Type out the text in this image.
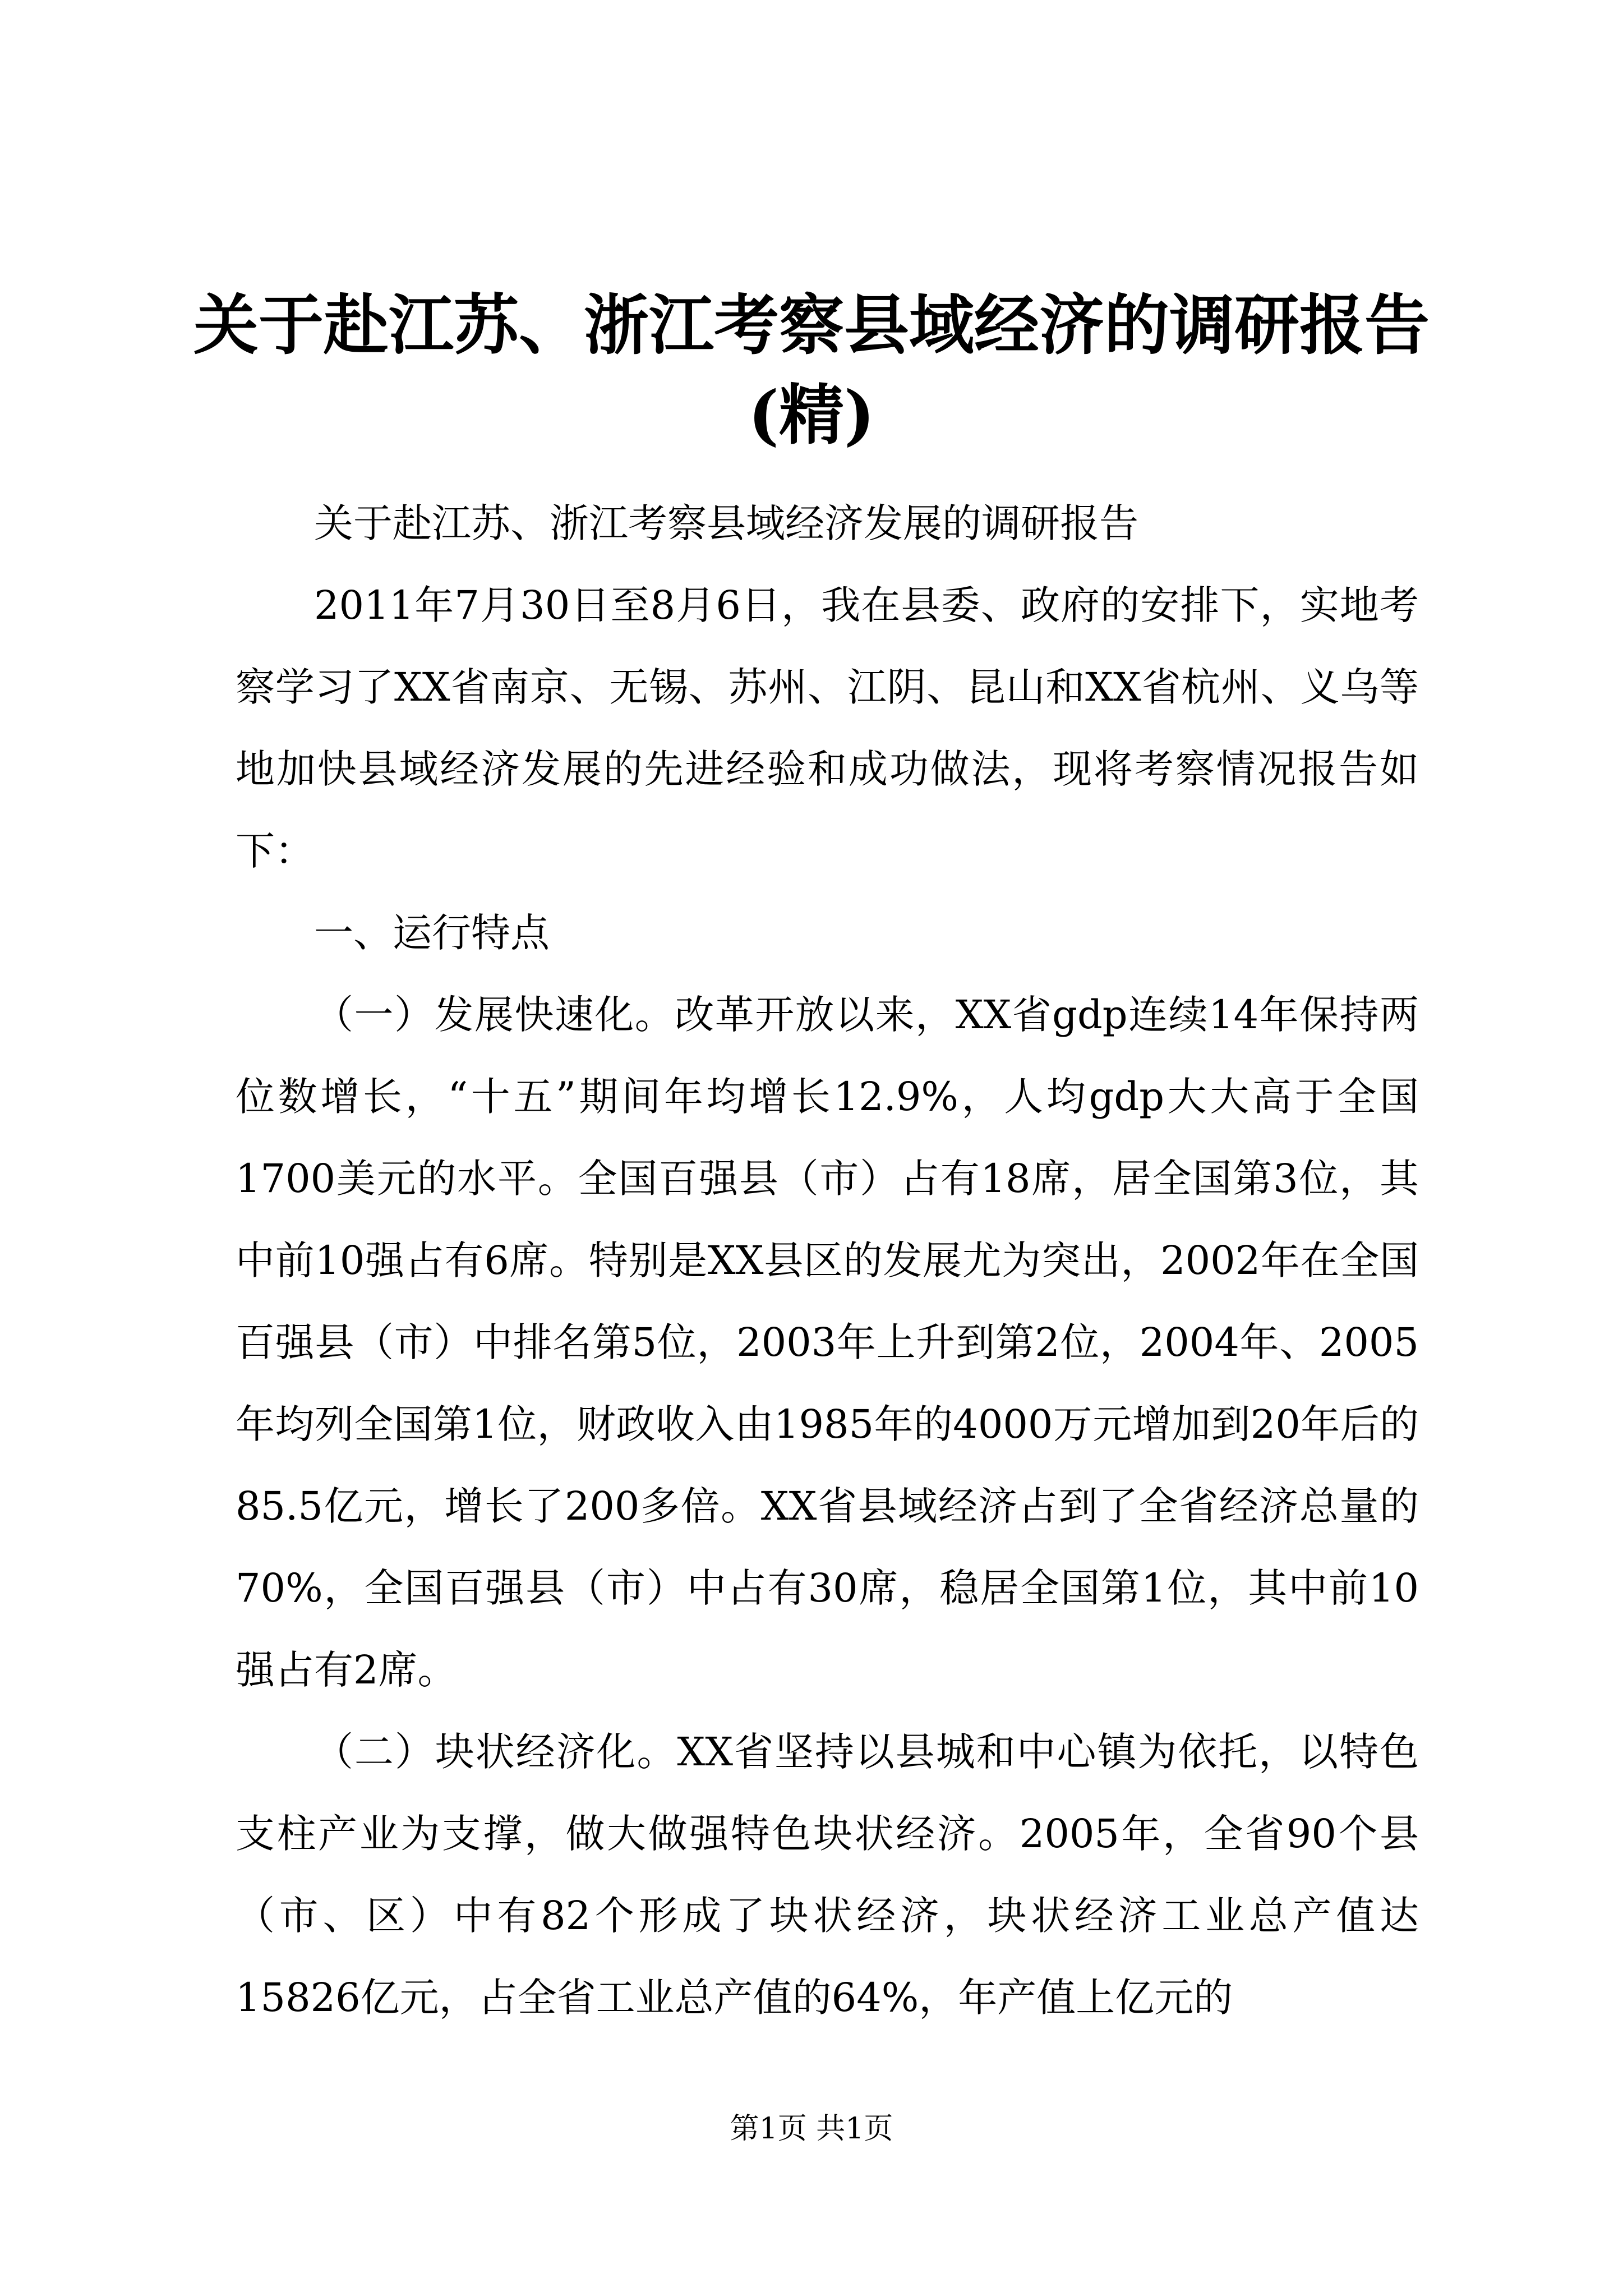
关于赴江苏、浙江考察县域经济的调研报告
(精)

关于赴江苏、浙江考察县域经济发展的调研报告

2011年7月30日至8月6日，我在县委、政府的安排下，实地考察学习了XX省南京、无锡、苏州、江阴、昆山和XX省杭州、义乌等地加快县域经济发展的先进经验和成功做法，现将考察情况报告如下：

一、运行特点

（一）发展快速化。改革开放以来，XX省gdp连续14年保持两位数增长，“十五”期间年均增长12.9%，人均gdp大大高于全国1700美元的水平。全国百强县（市）占有18席，居全国第3位，其中前10强占有6席。特别是XX县区的发展尤为突出，2002年在全国百强县（市）中排名第5位，2003年上升到第2位，2004年、2005年均列全国第1位，财政收入由1985年的4000万元增加到20年后的85.5亿元，增长了200多倍。XX省县域经济占到了全省经济总量的70%，全国百强县（市）中占有30席，稳居全国第1位，其中前10强占有2席。

（二）块状经济化。XX省坚持以县城和中心镇为依托，以特色支柱产业为支撑，做大做强特色块状经济。2005年，全省90个县（市、区）中有82个形成了块状经济，块状经济工业总产值达15826亿元，占全省工业总产值的64%，年产值上亿元的

第1页 共1页
